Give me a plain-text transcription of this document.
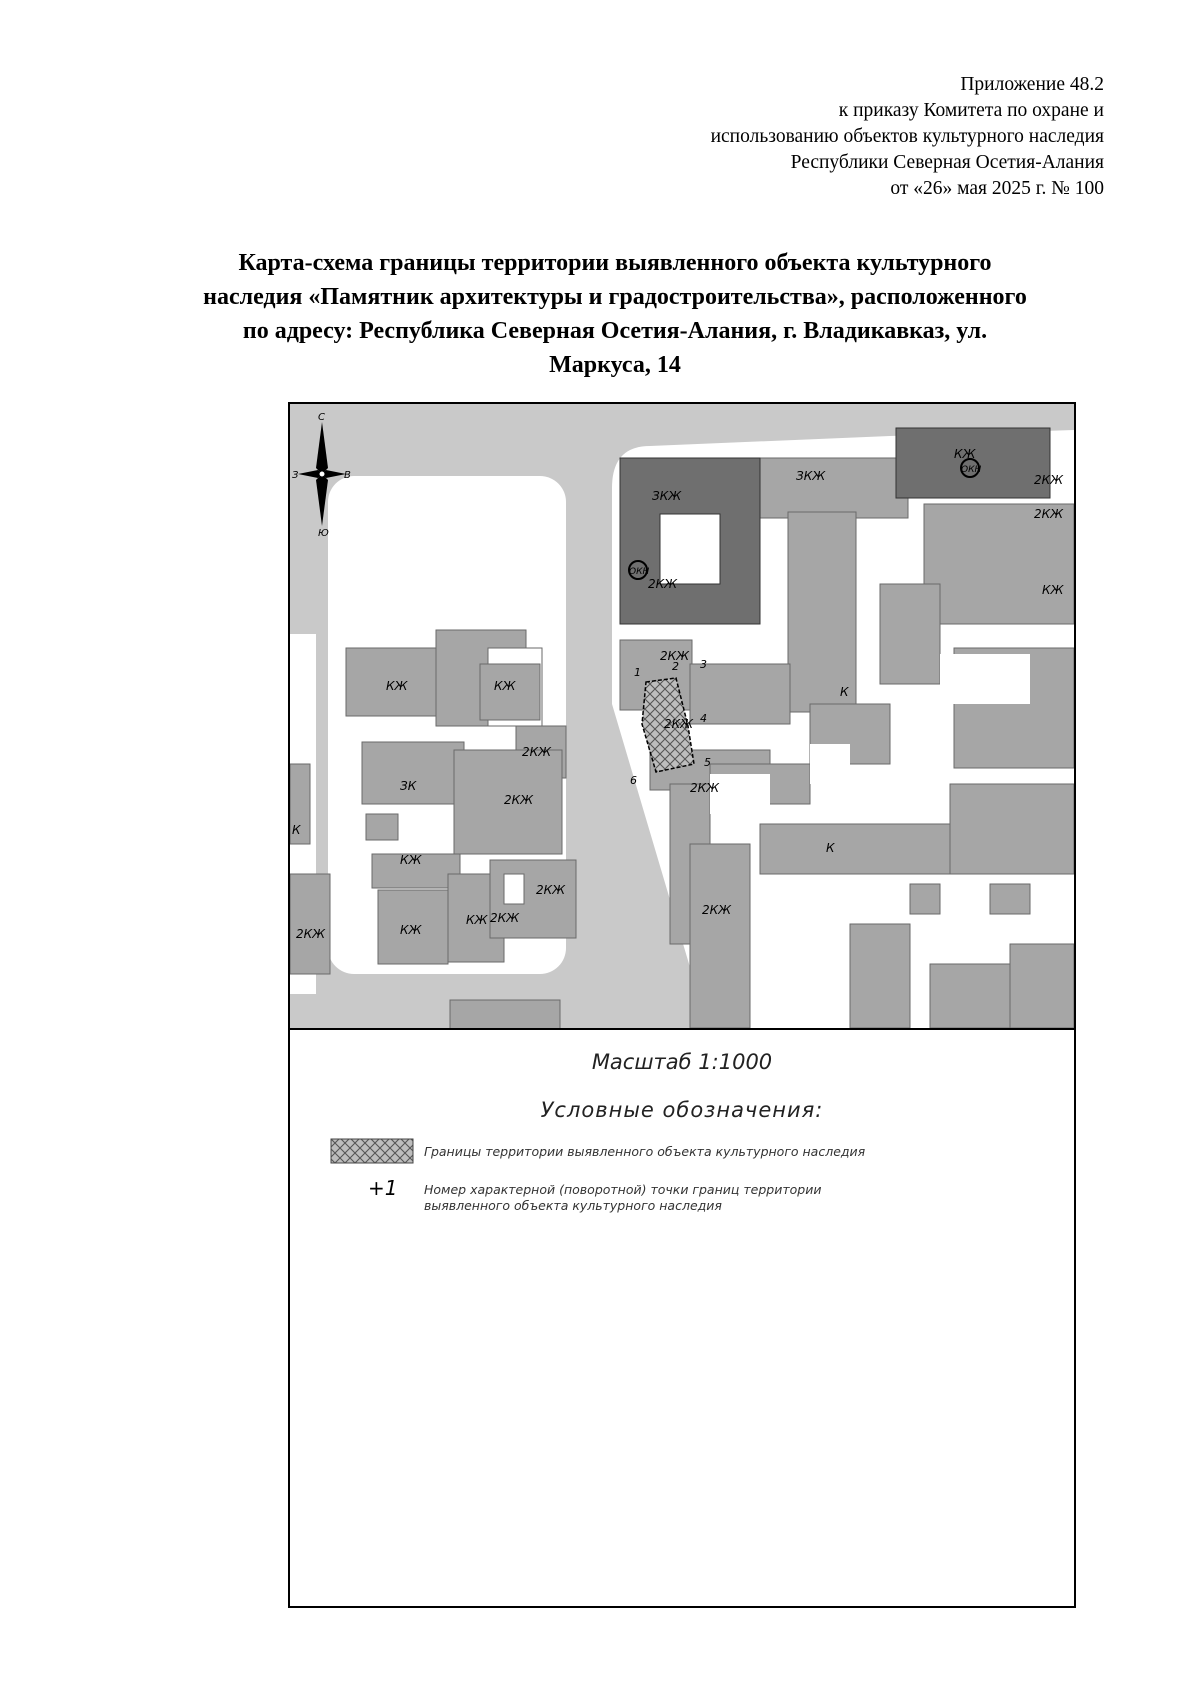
Приложение 48.2
к приказу Комитета по охране и
использованию объектов культурного наследия
Республики Северная Осетия-Алания
от «26» мая 2025 г. № 100
Карта-схема границы территории выявленного объекта культурного
наследия «Памятник архитектуры и градостроительства», расположенного
по адресу: Республика Северная Осетия-Алания, г. Владикавказ, ул.
Маркуса, 14
С
Ю
З	В
ОКН
ОКН
КЖ	КЖ
2КЖ
ЗК
2КЖ
КЖ
2КЖ
КЖ
КЖ 2КЖ
К
2КЖ
ЗКЖ
2КЖ
ЗКЖ
2КЖ
2КЖ
2КЖ
К
2КЖ
К
КЖ
2КЖ
2КЖ
КЖ
1	2 3
4
5
6
Масштаб 1:1000
Условные обозначения:
Границы территории выявленного объекта культурного наследия
+1 Номер характерной (поворотной) точки границ территории
выявленного объекта культурного наследия
